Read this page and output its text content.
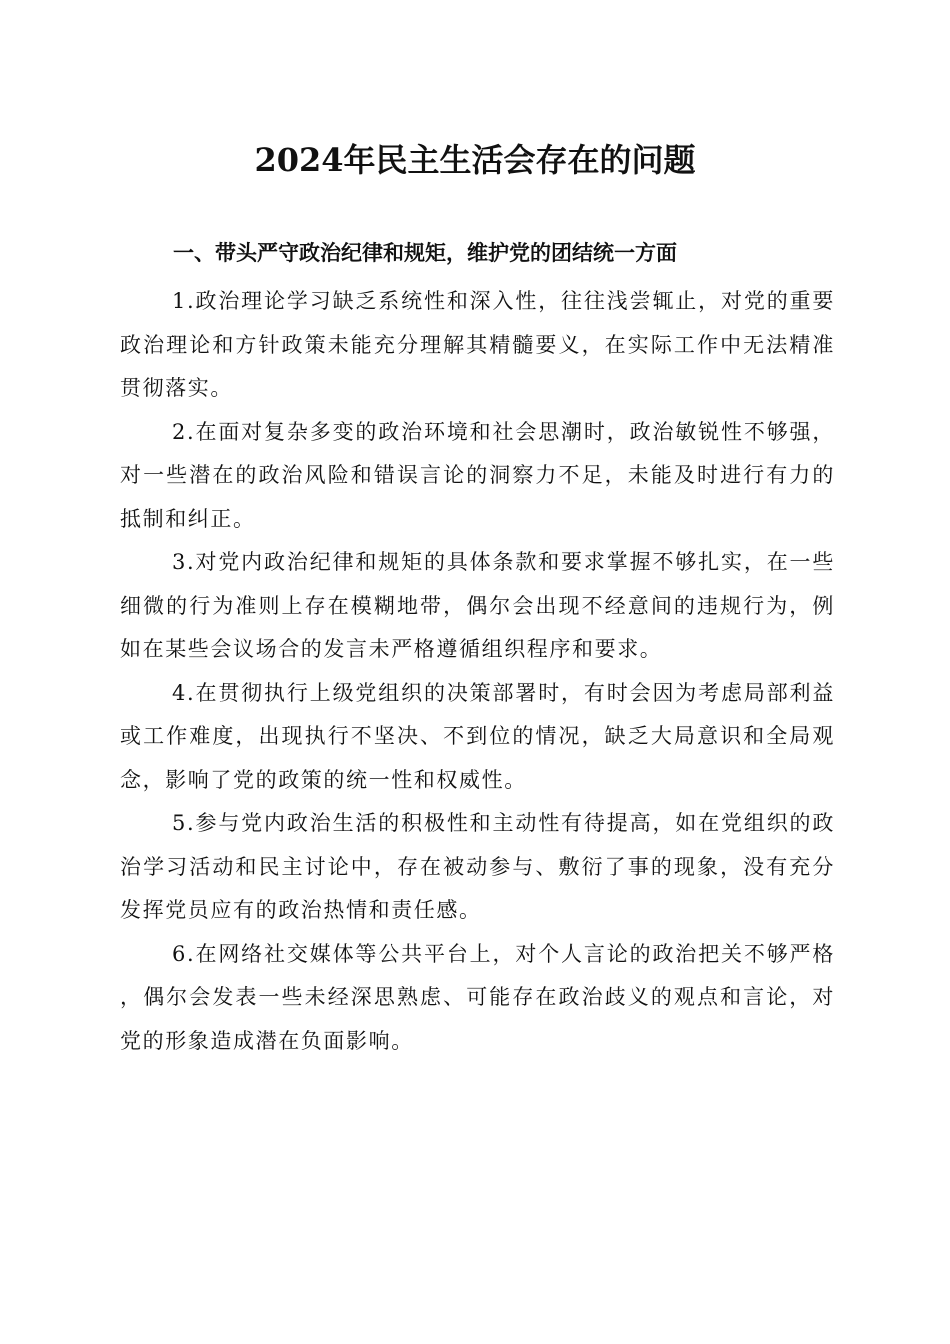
2024年民主生活会存在的问题
一、带头严守政治纪律和规矩，维护党的团结统一方面

1.政治理论学习缺乏系统性和深入性，往往浅尝辄止，对党的重要政治理论和方针政策未能充分理解其精髓要义，在实际工作中无法精准贯彻落实。

2.在面对复杂多变的政治环境和社会思潮时，政治敏锐性不够强，对一些潜在的政治风险和错误言论的洞察力不足，未能及时进行有力的抵制和纠正。

3.对党内政治纪律和规矩的具体条款和要求掌握不够扎实，在一些细微的行为准则上存在模糊地带，偶尔会出现不经意间的违规行为，例如在某些会议场合的发言未严格遵循组织程序和要求。

4.在贯彻执行上级党组织的决策部署时，有时会因为考虑局部利益或工作难度，出现执行不坚决、不到位的情况，缺乏大局意识和全局观念，影响了党的政策的统一性和权威性。

5.参与党内政治生活的积极性和主动性有待提高，如在党组织的政治学习活动和民主讨论中，存在被动参与、敷衍了事的现象，没有充分发挥党员应有的政治热情和责任感。

6.在网络社交媒体等公共平台上，对个人言论的政治把关不够严格，偶尔会发表一些未经深思熟虑、可能存在政治歧义的观点和言论，对党的形象造成潜在负面影响。
